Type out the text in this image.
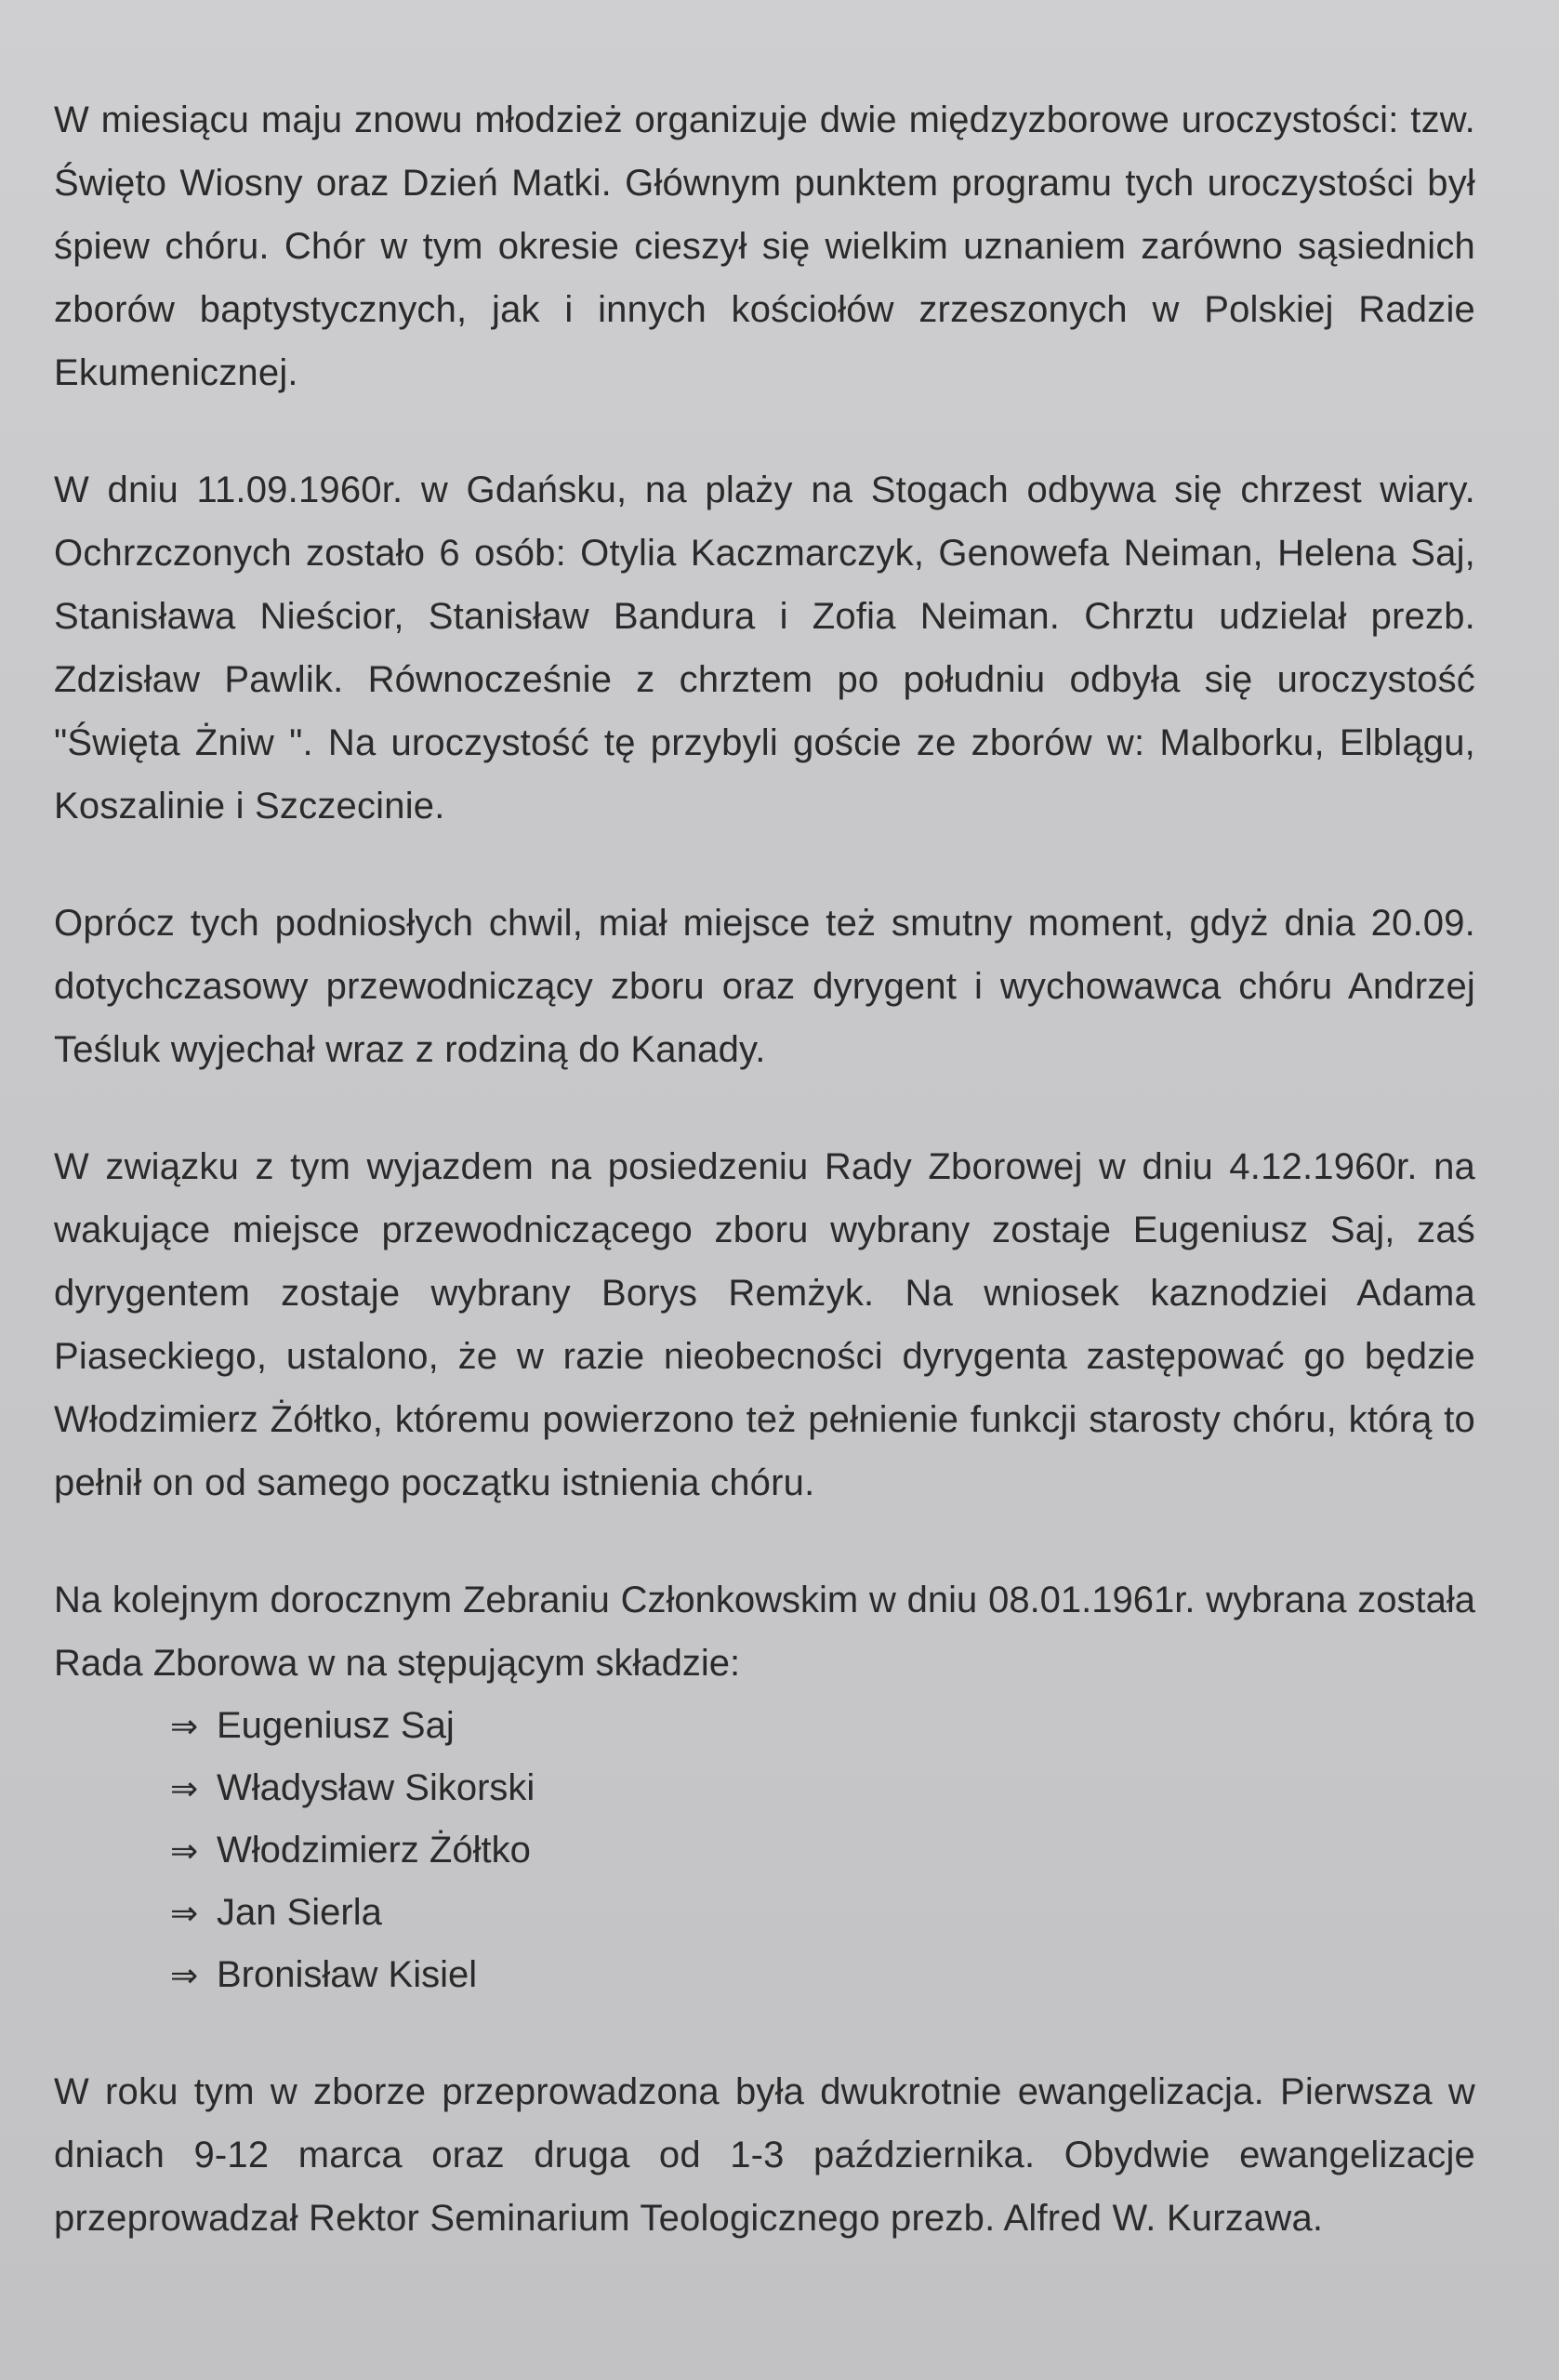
W miesiącu maju znowu młodzież organizuje dwie międzyzborowe uroczystości: tzw. Święto Wiosny oraz Dzień Matki. Głównym punktem programu tych uroczystości był śpiew chóru. Chór w tym okresie cieszył się wielkim uznaniem zarówno sąsiednich zborów baptystycznych, jak i innych kościołów zrzeszonych w Polskiej Radzie Ekumenicznej.

W dniu 11.09.1960r. w Gdańsku, na plaży na Stogach odbywa się chrzest wiary. Ochrzczonych zostało 6 osób: Otylia Kaczmarczyk, Genowefa Neiman, Helena Saj, Stanisława Nieścior, Stanisław Bandura i Zofia Neiman. Chrztu udzielał prezb. Zdzisław Pawlik. Równocześnie z chrztem po południu odbyła się uroczystość "Święta Żniw ". Na uroczystość tę przybyli goście ze zborów w: Malborku, Elblągu, Koszalinie i Szczecinie.

Oprócz tych podniosłych chwil, miał miejsce też smutny moment, gdyż dnia 20.09. dotychczasowy przewodniczący zboru oraz dyrygent i wychowawca chóru Andrzej Teśluk wyjechał wraz z rodziną do Kanady.

W związku z tym wyjazdem na posiedzeniu Rady Zborowej w dniu 4.12.1960r. na wakujące miejsce przewodniczącego zboru wybrany zostaje Eugeniusz Saj, zaś dyrygentem zostaje wybrany Borys Remżyk. Na wniosek kaznodziei Adama Piaseckiego, ustalono, że w razie nieobecności dyrygenta zastępować go będzie Włodzimierz Żółtko, któremu powierzono też pełnienie funkcji starosty chóru, którą to pełnił on od samego początku istnienia chóru.

Na kolejnym dorocznym Zebraniu Członkowskim w dniu 08.01.1961r. wybrana została Rada Zborowa w na stępującym składzie:

⇒ Eugeniusz Saj
⇒ Władysław Sikorski
⇒ Włodzimierz Żółtko
⇒ Jan Sierla
⇒ Bronisław Kisiel

W roku tym w zborze przeprowadzona była dwukrotnie ewangelizacja. Pierwsza w dniach 9-12 marca oraz druga od 1-3 października. Obydwie ewangelizacje przeprowadzał Rektor Seminarium Teologicznego prezb. Alfred W. Kurzawa.
